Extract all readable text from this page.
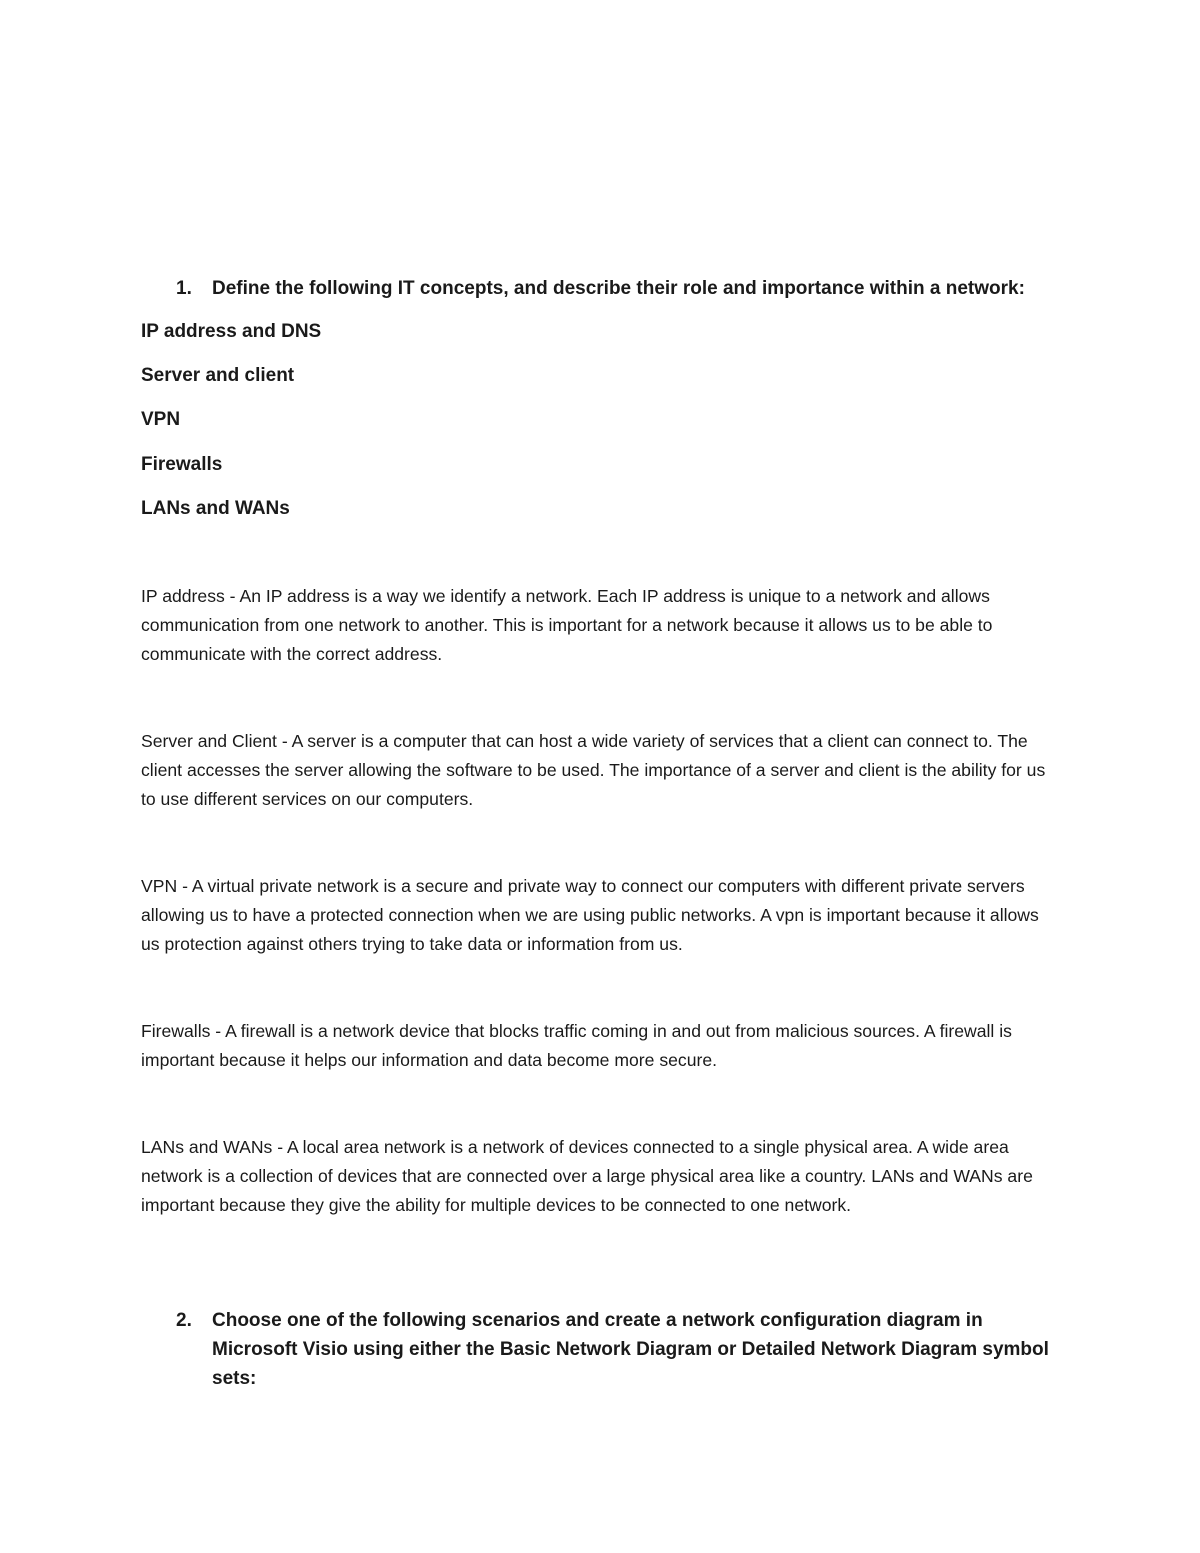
1. Define the following IT concepts, and describe their role and importance within a network:
IP address and DNS
Server and client
VPN
Firewalls
LANs and WANs
IP address - An IP address is a way we identify a network. Each IP address is unique to a network and allows communication from one network to another. This is important for a network because it allows us to be able to communicate with the correct address.
Server and Client - A server is a computer that can host a wide variety of services that a client can connect to. The client accesses the server allowing the software to be used. The importance of a server and client is the ability for us to use different services on our computers.
VPN - A virtual private network is a secure and private way to connect our computers with different private servers allowing us to have a protected connection when we are using public networks. A vpn is important because it allows us protection against others trying to take data or information from us.
Firewalls - A firewall is a network device that blocks traffic coming in and out from malicious sources. A firewall is important because it helps our information and data become more secure.
LANs and WANs - A local area network is a network of devices connected to a single physical area. A wide area network is a collection of devices that are connected over a large physical area like a country. LANs and WANs are important because they give the ability for multiple devices to be connected to one network.
2. Choose one of the following scenarios and create a network configuration diagram in Microsoft Visio using either the Basic Network Diagram or Detailed Network Diagram symbol sets:
